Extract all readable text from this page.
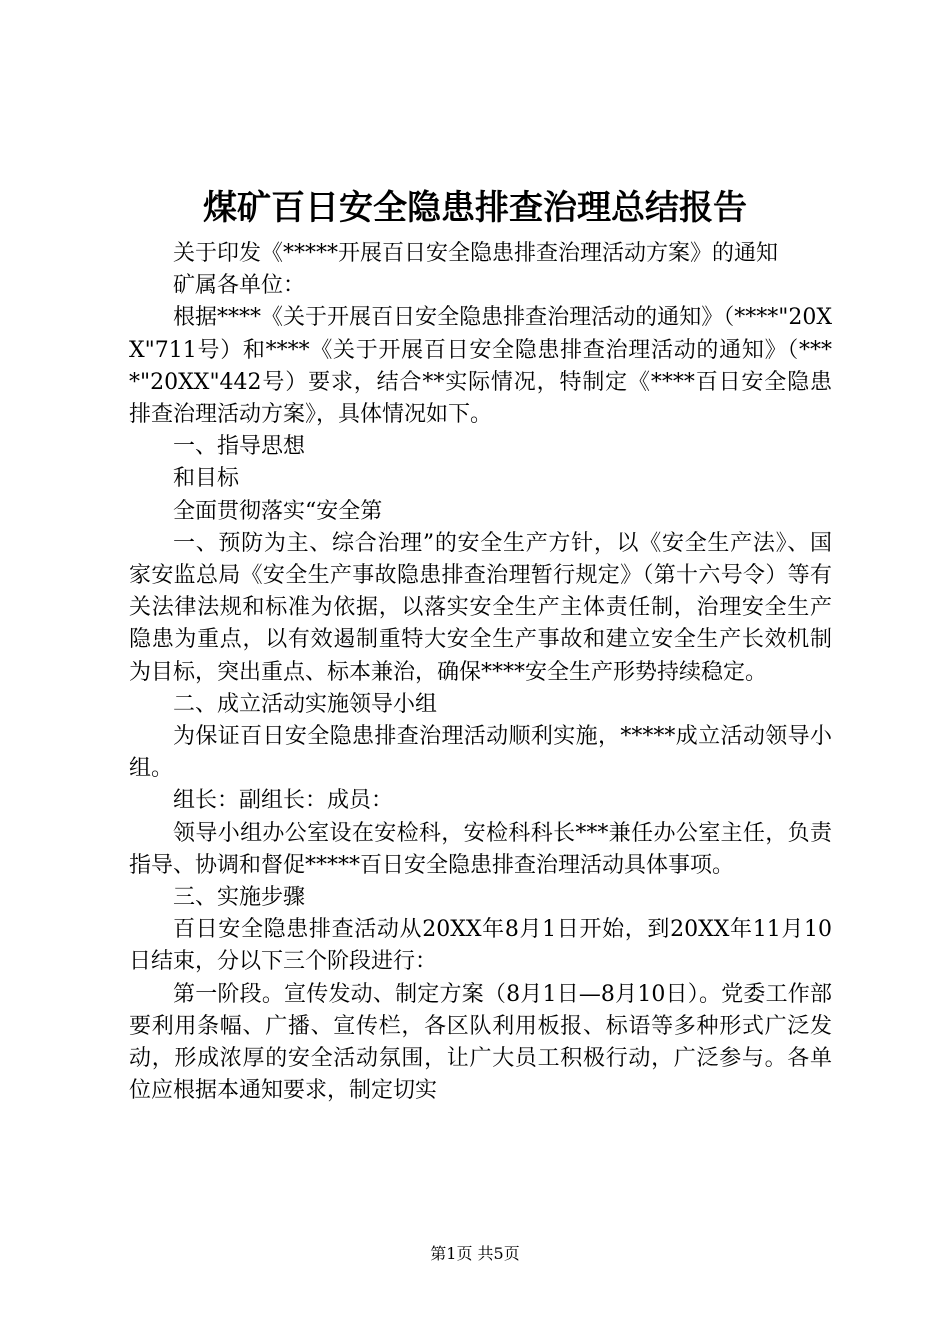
煤矿百日安全隐患排查治理总结报告

关于印发《*****开展百日安全隐患排查治理活动方案》的通知

矿属各单位：

根据****《关于开展百日安全隐患排查治理活动的通知》（****"20XX"711号）和****《关于开展百日安全隐患排查治理活动的通知》（****"20XX"442号）要求，结合**实际情况，特制定《****百日安全隐患排查治理活动方案》，具体情况如下。

一、指导思想

和目标

全面贯彻落实“安全第

一、预防为主、综合治理”的安全生产方针，以《安全生产法》、国家安监总局《安全生产事故隐患排查治理暂行规定》（第十六号令）等有关法律法规和标准为依据，以落实安全生产主体责任制，治理安全生产隐患为重点，以有效遏制重特大安全生产事故和建立安全生产长效机制为目标，突出重点、标本兼治，确保****安全生产形势持续稳定。

二、成立活动实施领导小组

为保证百日安全隐患排查治理活动顺利实施，*****成立活动领导小组。

组长：副组长：成员：

领导小组办公室设在安检科，安检科科长***兼任办公室主任，负责指导、协调和督促*****百日安全隐患排查治理活动具体事项。

三、实施步骤

百日安全隐患排查活动从20XX年8月1日开始，到20XX年11月10日结束，分以下三个阶段进行：

第一阶段。宣传发动、制定方案（8月1日—8月10日）。党委工作部要利用条幅、广播、宣传栏，各区队利用板报、标语等多种形式广泛发动，形成浓厚的安全活动氛围，让广大员工积极行动，广泛参与。各单位应根据本通知要求，制定切实

第1页 共5页
